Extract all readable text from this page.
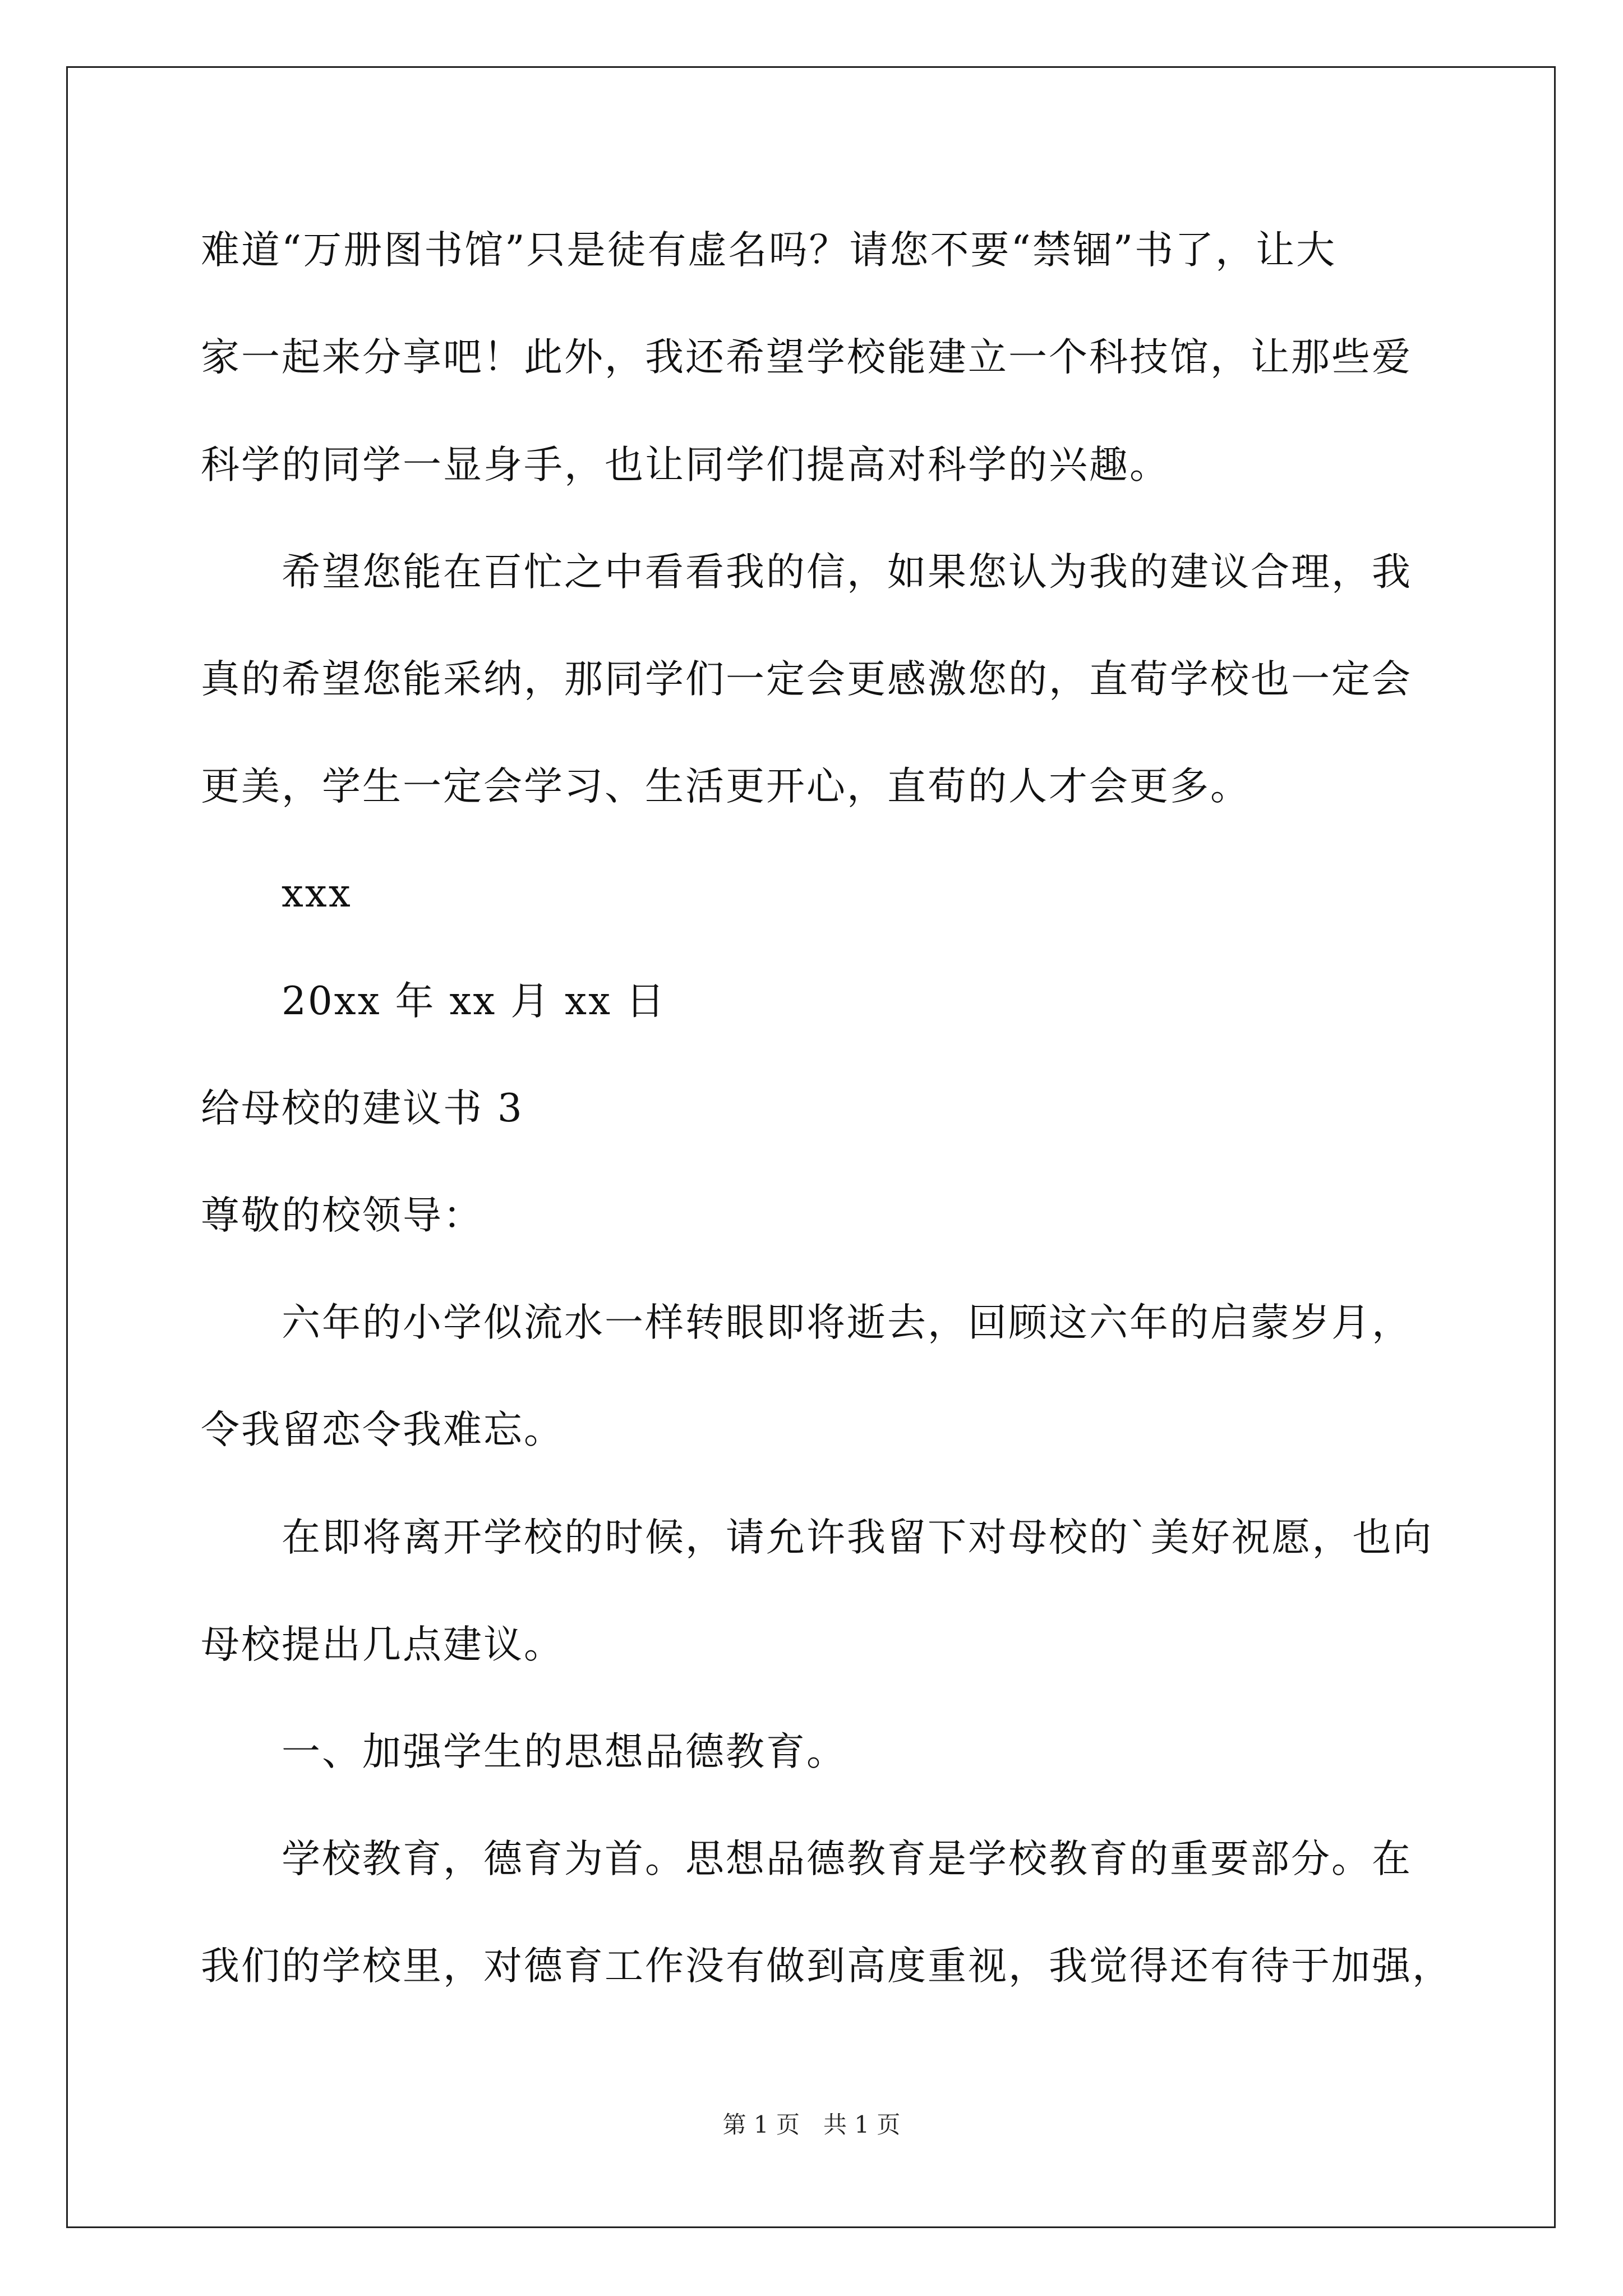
难道“万册图书馆”只是徒有虚名吗？请您不要“禁锢”书了，让大
家一起来分享吧！此外，我还希望学校能建立一个科技馆，让那些爱
科学的同学一显身手，也让同学们提高对科学的兴趣。
希望您能在百忙之中看看我的信，如果您认为我的建议合理，我
真的希望您能采纳，那同学们一定会更感激您的，直荀学校也一定会
更美，学生一定会学习、生活更开心，直荀的人才会更多。
xxx
20xx 年 xx 月 xx 日
给母校的建议书 3
尊敬的校领导：
六年的小学似流水一样转眼即将逝去，回顾这六年的启蒙岁月，
令我留恋令我难忘。
在即将离开学校的时候，请允许我留下对母校的`美好祝愿，也向
母校提出几点建议。
一、加强学生的思想品德教育。
学校教育，德育为首。思想品德教育是学校教育的重要部分。在
我们的学校里，对德育工作没有做到高度重视，我觉得还有待于加强，
第 1 页　共 1 页
